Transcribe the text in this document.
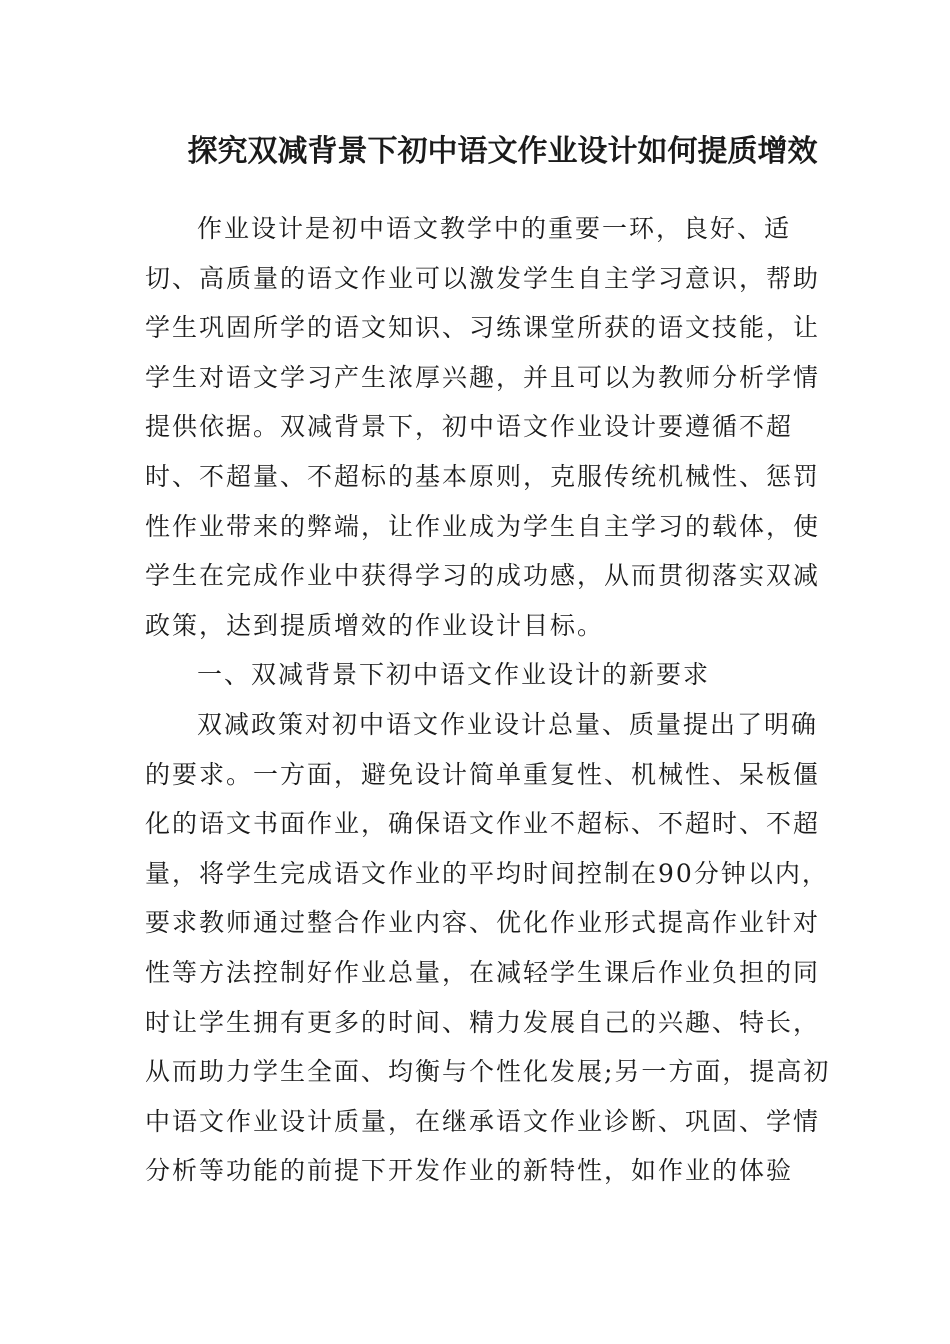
探究双减背景下初中语文作业设计如何提质增效
作业设计是初中语文教学中的重要一环，良好、适
切、高质量的语文作业可以激发学生自主学习意识，帮助
学生巩固所学的语文知识、习练课堂所获的语文技能，让
学生对语文学习产生浓厚兴趣，并且可以为教师分析学情
提供依据。双减背景下，初中语文作业设计要遵循不超
时、不超量、不超标的基本原则，克服传统机械性、惩罚
性作业带来的弊端，让作业成为学生自主学习的载体，使
学生在完成作业中获得学习的成功感，从而贯彻落实双减
政策，达到提质增效的作业设计目标。
一、双减背景下初中语文作业设计的新要求
双减政策对初中语文作业设计总量、质量提出了明确
的要求。一方面，避免设计简单重复性、机械性、呆板僵
化的语文书面作业，确保语文作业不超标、不超时、不超
量，将学生完成语文作业的平均时间控制在90分钟以内，
要求教师通过整合作业内容、优化作业形式提高作业针对
性等方法控制好作业总量，在减轻学生课后作业负担的同
时让学生拥有更多的时间、精力发展自己的兴趣、特长，
从而助力学生全面、均衡与个性化发展;另一方面，提高初
中语文作业设计质量，在继承语文作业诊断、巩固、学情
分析等功能的前提下开发作业的新特性，如作业的体验
